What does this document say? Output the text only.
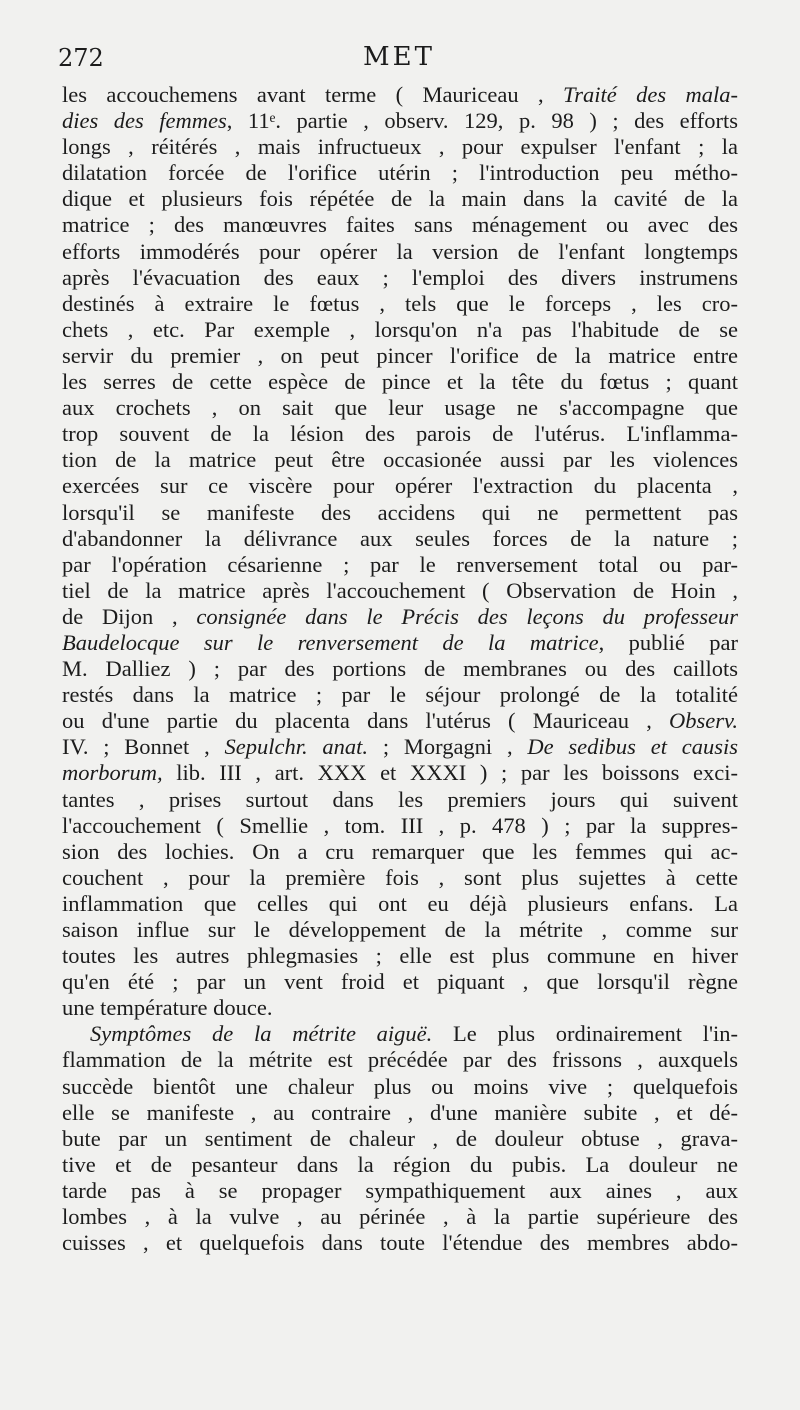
272	MET
les accouchemens avant terme ( Mauriceau , Traité des mala-
dies des femmes, 11ᵉ. partie , observ. 129, p. 98 ) ; des efforts
longs , réitérés , mais infructueux , pour expulser l'enfant ; la
dilatation forcée de l'orifice utérin ; l'introduction peu métho-
dique et plusieurs fois répétée de la main dans la cavité de la
matrice ; des manœuvres faites sans ménagement ou avec des
efforts immodérés pour opérer la version de l'enfant longtemps
après l'évacuation des eaux ; l'emploi des divers instrumens
destinés à extraire le fœtus , tels que le forceps , les cro-
chets , etc. Par exemple , lorsqu'on n'a pas l'habitude de se
servir du premier , on peut pincer l'orifice de la matrice entre
les serres de cette espèce de pince et la tête du fœtus ; quant
aux crochets , on sait que leur usage ne s'accompagne que
trop souvent de la lésion des parois de l'utérus. L'inflamma-
tion de la matrice peut être occasionée aussi par les violences
exercées sur ce viscère pour opérer l'extraction du placenta ,
lorsqu'il se manifeste des accidens qui ne permettent pas
d'abandonner la délivrance aux seules forces de la nature ;
par l'opération césarienne ; par le renversement total ou par-
tiel de la matrice après l'accouchement ( Observation de Hoin ,
de Dijon , consignée dans le Précis des leçons du professeur
Baudelocque sur le renversement de la matrice, publié par
M. Dalliez ) ; par des portions de membranes ou des caillots
restés dans la matrice ; par le séjour prolongé de la totalité
ou d'une partie du placenta dans l'utérus ( Mauriceau , Observ.
IV. ; Bonnet , Sepulchr. anat. ; Morgagni , De sedibus et causis
morborum, lib. III , art. XXX et XXXI ) ; par les boissons exci-
tantes , prises surtout dans les premiers jours qui suivent
l'accouchement ( Smellie , tom. III , p. 478 ) ; par la suppres-
sion des lochies. On a cru remarquer que les femmes qui ac-
couchent , pour la première fois , sont plus sujettes à cette
inflammation que celles qui ont eu déjà plusieurs enfans. La
saison influe sur le développement de la métrite , comme sur
toutes les autres phlegmasies ; elle est plus commune en hiver
qu'en été ; par un vent froid et piquant , que lorsqu'il règne
une température douce.
Symptômes de la métrite aiguë. Le plus ordinairement l'in-
flammation de la métrite est précédée par des frissons , auxquels
succède bientôt une chaleur plus ou moins vive ; quelquefois
elle se manifeste , au contraire , d'une manière subite , et dé-
bute par un sentiment de chaleur , de douleur obtuse , grava-
tive et de pesanteur dans la région du pubis. La douleur ne
tarde pas à se propager sympathiquement aux aines , aux
lombes , à la vulve , au périnée , à la partie supérieure des
cuisses , et quelquefois dans toute l'étendue des membres abdo-
